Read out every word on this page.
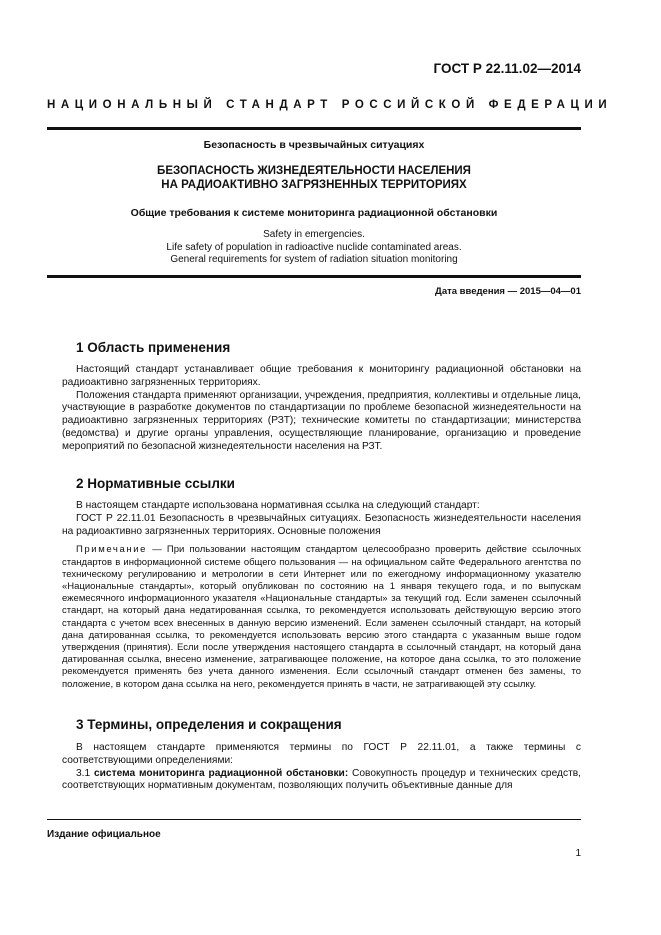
ГОСТ Р 22.11.02—2014
НАЦИОНАЛЬНЫЙ СТАНДАРТ РОССИЙСКОЙ ФЕДЕРАЦИИ
Безопасность в чрезвычайных ситуациях
БЕЗОПАСНОСТЬ ЖИЗНЕДЕЯТЕЛЬНОСТИ НАСЕЛЕНИЯ
НА РАДИОАКТИВНО ЗАГРЯЗНЕННЫХ ТЕРРИТОРИЯХ
Общие требования к системе мониторинга радиационной обстановки
Safety in emergencies.
Life safety of population in radioactive nuclide contaminated areas.
General requirements for system of radiation situation monitoring
Дата введения — 2015—04—01
1 Область применения

Настоящий стандарт устанавливает общие требования к мониторингу радиационной обстановки на радиоактивно загрязненных территориях.

Положения стандарта применяют организации, учреждения, предприятия, коллективы и отдельные лица, участвующие в разработке документов по стандартизации по проблеме безопасной жизнедеятельности на радиоактивно загрязненных территориях (РЗТ); технические комитеты по стандартизации; министерства (ведомства) и другие органы управления, осуществляющие планирование, организацию и проведение мероприятий по безопасной жизнедеятельности населения на РЗТ.

2 Нормативные ссылки

В настоящем стандарте использована нормативная ссылка на следующий стандарт:

ГОСТ Р 22.11.01 Безопасность в чрезвычайных ситуациях. Безопасность жизнедеятельности населения на радиоактивно загрязненных территориях. Основные положения

Примечание — При пользовании настоящим стандартом целесообразно проверить действие ссылочных стандартов в информационной системе общего пользования — на официальном сайте Федерального агентства по техническому регулированию и метрологии в сети Интернет или по ежегодному информационному указателю «Национальные стандарты», который опубликован по состоянию на 1 января текущего года, и по выпускам ежемесячного информационного указателя «Национальные стандарты» за текущий год. Если заменен ссылочный стандарт, на который дана недатированная ссылка, то рекомендуется использовать действующую версию этого стандарта с учетом всех внесенных в данную версию изменений. Если заменен ссылочный стандарт, на который дана датированная ссылка, то рекомендуется использовать версию этого стандарта с указанным выше годом утверждения (принятия). Если после утверждения настоящего стандарта в ссылочный стандарт, на который дана датированная ссылка, внесено изменение, затрагивающее положение, на которое дана ссылка, то это положение рекомендуется применять без учета данного изменения. Если ссылочный стандарт отменен без замены, то положение, в котором дана ссылка на него, рекомендуется принять в части, не затрагивающей эту ссылку.

3 Термины, определения и сокращения

В настоящем стандарте применяются термины по ГОСТ Р 22.11.01, а также термины с соответствующими определениями:

3.1 система мониторинга радиационной обстановки: Совокупность процедур и технических средств, соответствующих нормативным документам, позволяющих получить объективные данные для

Издание официальное
1
